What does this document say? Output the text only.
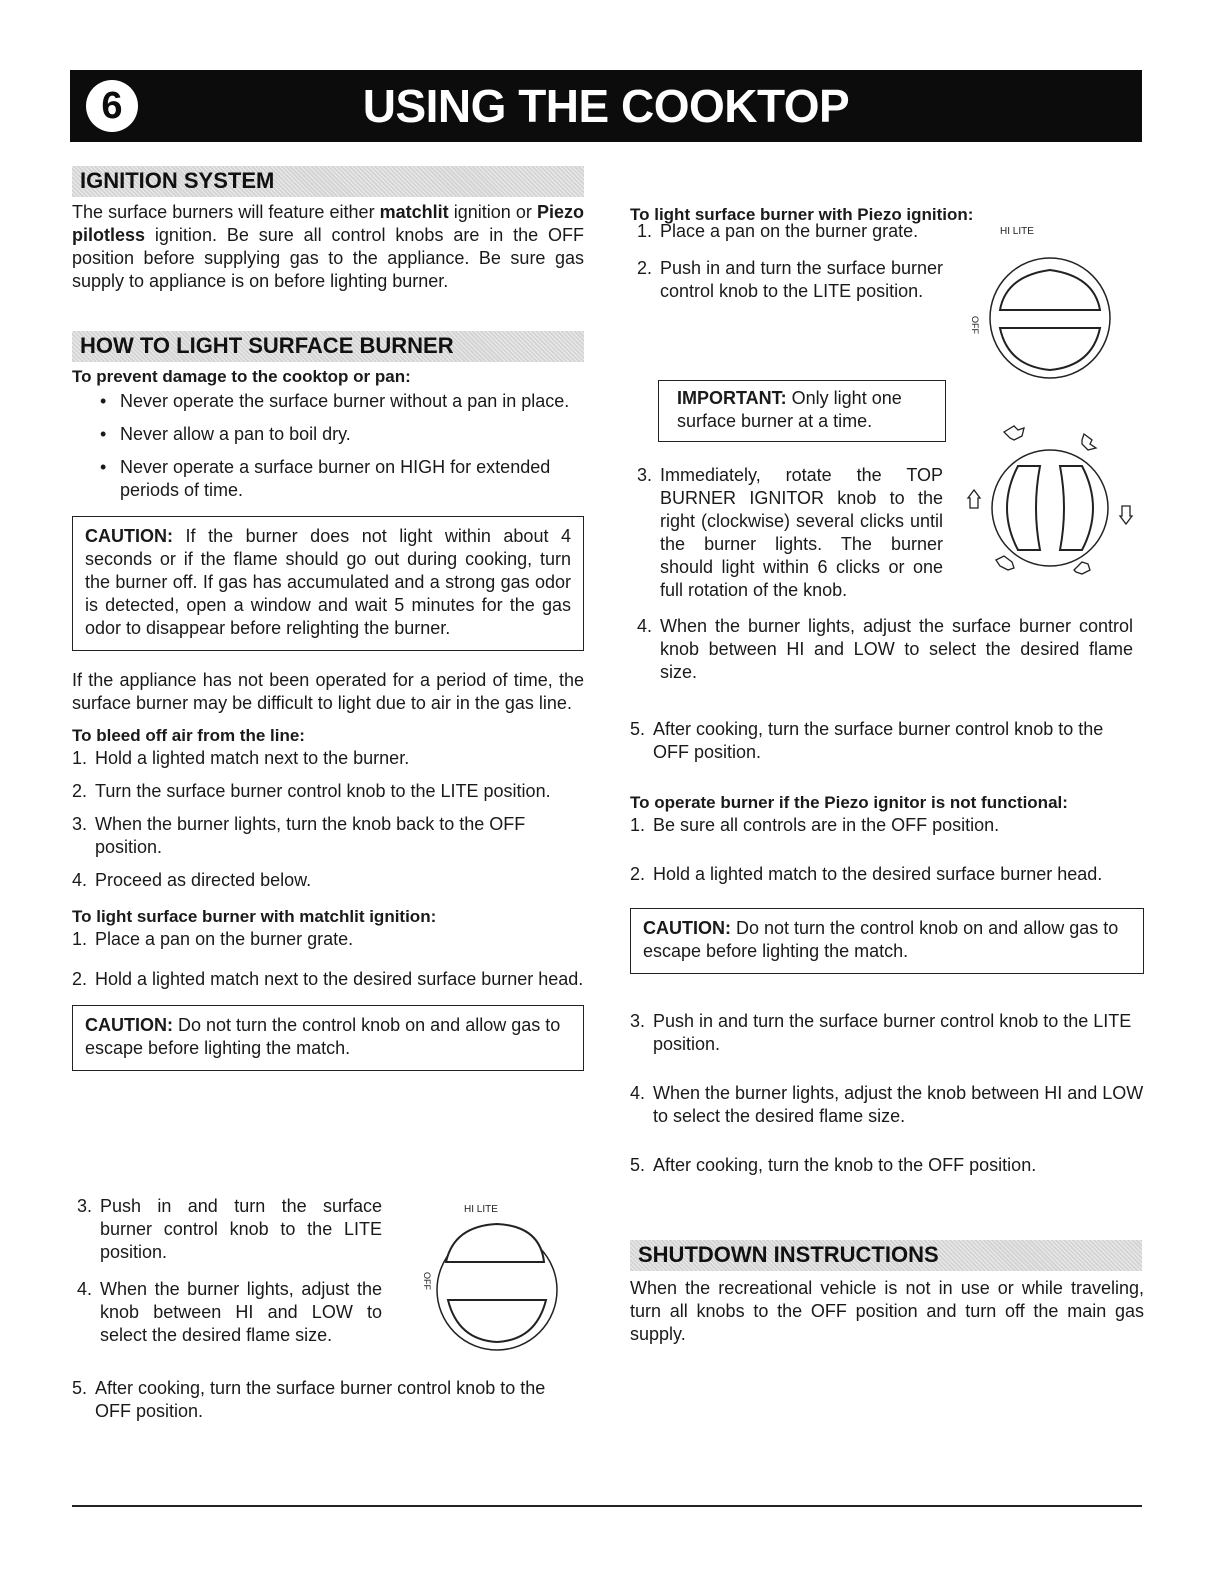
6	USING THE COOKTOP
IGNITION SYSTEM

The surface burners will feature either matchlit ignition or Piezo pilotless ignition. Be sure all control knobs are in the OFF position before supplying gas to the appliance. Be sure gas supply to appliance is on before lighting burner.

HOW TO LIGHT SURFACE BURNER

To prevent damage to the cooktop or pan:

• Never operate the surface burner without a pan in place.
• Never allow a pan to boil dry.
• Never operate a surface burner on HIGH for extended periods of time.
CAUTION: If the burner does not light within about 4 seconds or if the flame should go out during cooking, turn the burner off. If gas has accumulated and a strong gas odor is detected, open a window and wait 5 minutes for the gas odor to disappear before relighting the burner.

If the appliance has not been operated for a period of time, the surface burner may be difficult to light due to air in the gas line.

To bleed off air from the line:

1. Hold a lighted match next to the burner.
2. Turn the surface burner control knob to the LITE position.
3. When the burner lights, turn the knob back to the OFF position.
4. Proceed as directed below.

To light surface burner with matchlit ignition:

1. Place a pan on the burner grate.
2. Hold a lighted match next to the desired surface burner head.
CAUTION: Do not turn the control knob on and allow gas to escape before lighting the match.
3. Push in and turn the surface burner control knob to the LITE position.
4. When the burner lights, adjust the knob between HI and LOW to select the desired flame size.
5. After cooking, turn the surface burner control knob to the OFF position.
HI LITE
OFF

To light surface burner with Piezo ignition:

1. Place a pan on the burner grate.
2. Push in and turn the surface burner control knob to the LITE position.
IMPORTANT: Only light one surface burner at a time.
3. Immediately, rotate the TOP BURNER IGNITOR knob to the right (clockwise) several clicks until the burner lights. The burner should light within 6 clicks or one full rotation of the knob.
4. When the burner lights, adjust the surface burner control knob between HI and LOW to select the desired flame size.
5. After cooking, turn the surface burner control knob to the OFF position.
HI LITE
OFF

To operate burner if the Piezo ignitor is not functional:

1. Be sure all controls are in the OFF position.
2. Hold a lighted match to the desired surface burner head.
CAUTION: Do not turn the control knob on and allow gas to escape before lighting the match.
3. Push in and turn the surface burner control knob to the LITE position.
4. When the burner lights, adjust the knob between HI and LOW to select the desired flame size.
5. After cooking, turn the knob to the OFF position.
SHUTDOWN INSTRUCTIONS

When the recreational vehicle is not in use or while traveling, turn all knobs to the OFF position and turn off the main gas supply.
